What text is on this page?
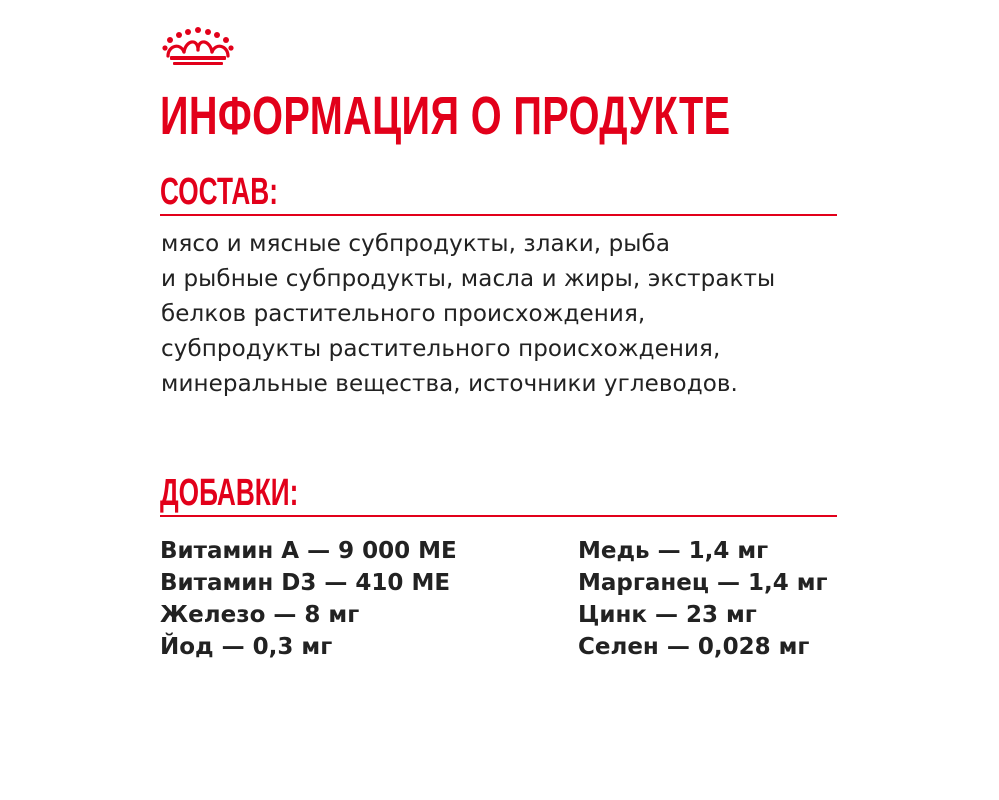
ИНФОРМАЦИЯ О ПРОДУКТЕ
СОСТАВ:

мясо и мясные субпродукты, злаки, рыба
и рыбные субпродукты, масла и жиры, экстракты
белков растительного происхождения,
субпродукты растительного происхождения,
минеральные вещества, источники углеводов.

ДОБАВКИ:
Витамин А — 9 000 МЕ
Витамин D3 — 410 МЕ
Железо — 8 мг
Йод — 0,3 мг
Медь — 1,4 мг
Марганец — 1,4 мг
Цинк — 23 мг
Селен — 0,028 мг
